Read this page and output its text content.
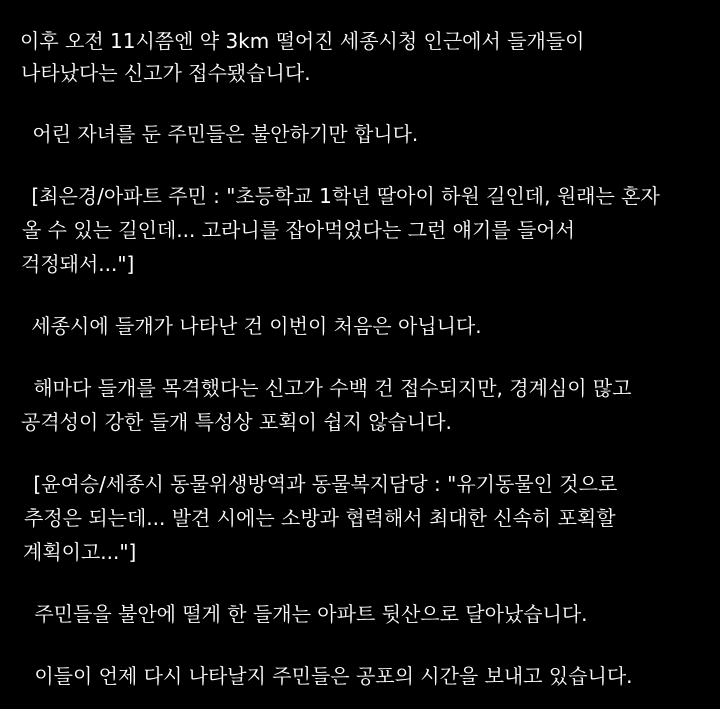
이후 오전 11시쯤엔 약 3km 떨어진 세종시청 인근에서 들개들이
나타났다는 신고가 접수됐습니다.
어린 자녀를 둔 주민들은 불안하기만 합니다.
[최은경/아파트 주민 : "초등학교 1학년 딸아이 하원 길인데, 원래는 혼자
올 수 있는 길인데... 고라니를 잡아먹었다는 그런 얘기를 들어서
걱정돼서..."]
세종시에 들개가 나타난 건 이번이 처음은 아닙니다.
해마다 들개를 목격했다는 신고가 수백 건 접수되지만, 경계심이 많고
공격성이 강한 들개 특성상 포획이 쉽지 않습니다.
[윤여승/세종시 동물위생방역과 동물복지담당 : "유기동물인 것으로
추정은 되는데... 발견 시에는 소방과 협력해서 최대한 신속히 포획할
계획이고..."]
주민들을 불안에 떨게 한 들개는 아파트 뒷산으로 달아났습니다.
이들이 언제 다시 나타날지 주민들은 공포의 시간을 보내고 있습니다.
